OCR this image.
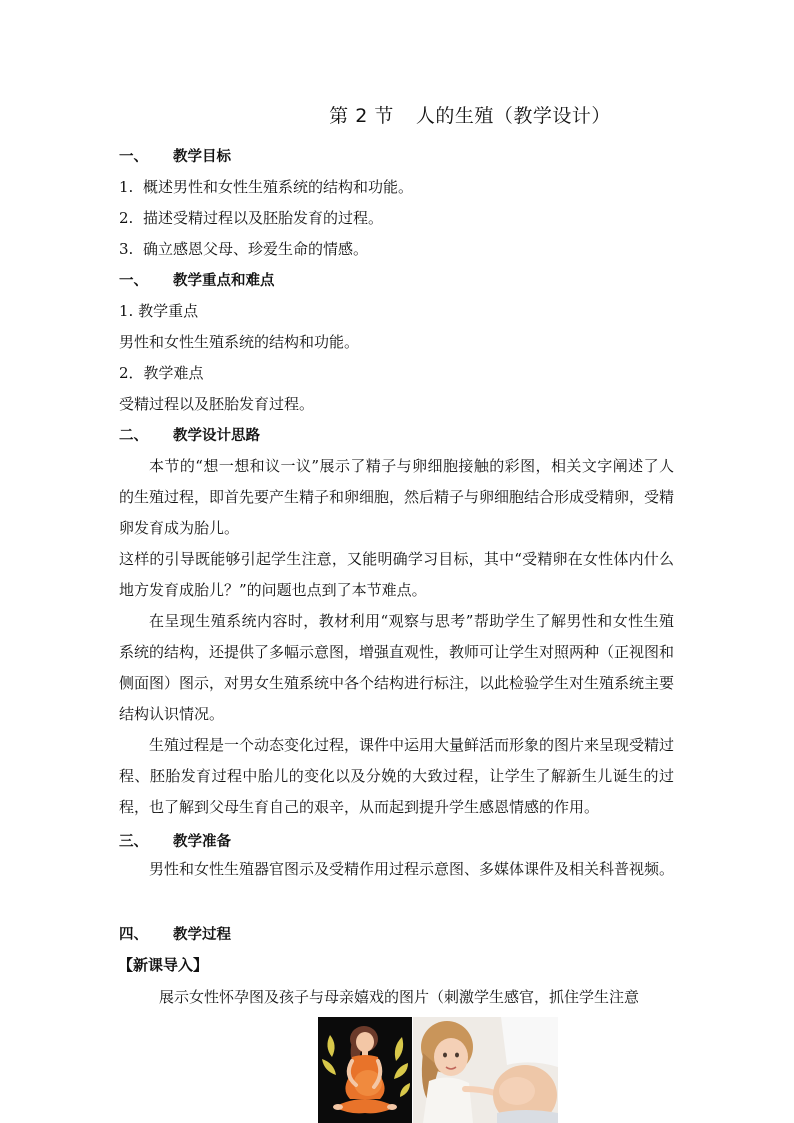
第 2 节 人的生殖（教学设计）
一、 教学目标
1. 概述男性和女性生殖系统的结构和功能。
2. 描述受精过程以及胚胎发育的过程。
3. 确立感恩父母、珍爱生命的情感。
一、 教学重点和难点
1. 教学重点
男性和女性生殖系统的结构和功能。
2．教学难点
受精过程以及胚胎发育过程。
二、 教学设计思路
本节的“想一想和议一议”展示了精子与卵细胞接触的彩图，相关文字阐述了人的生殖过程，即首先要产生精子和卵细胞，然后精子与卵细胞结合形成受精卵，受精卵发育成为胎儿。
这样的引导既能够引起学生注意，又能明确学习目标，其中“受精卵在女性体内什么地方发育成胎儿？”的问题也点到了本节难点。
在呈现生殖系统内容时，教材利用“观察与思考”帮助学生了解男性和女性生殖系统的结构，还提供了多幅示意图，增强直观性，教师可让学生对照两种（正视图和侧面图）图示，对男女生殖系统中各个结构进行标注，以此检验学生对生殖系统主要结构认识情况。
生殖过程是一个动态变化过程，课件中运用大量鲜活而形象的图片来呈现受精过程、胚胎发育过程中胎儿的变化以及分娩的大致过程，让学生了解新生儿诞生的过程，也了解到父母生育自己的艰辛，从而起到提升学生感恩情感的作用。
三、 教学准备
男性和女性生殖器官图示及受精作用过程示意图、多媒体课件及相关科普视频。
四、 教学过程
【新课导入】
展示女性怀孕图及孩子与母亲嬉戏的图片（刺激学生感官，抓住学生注意
